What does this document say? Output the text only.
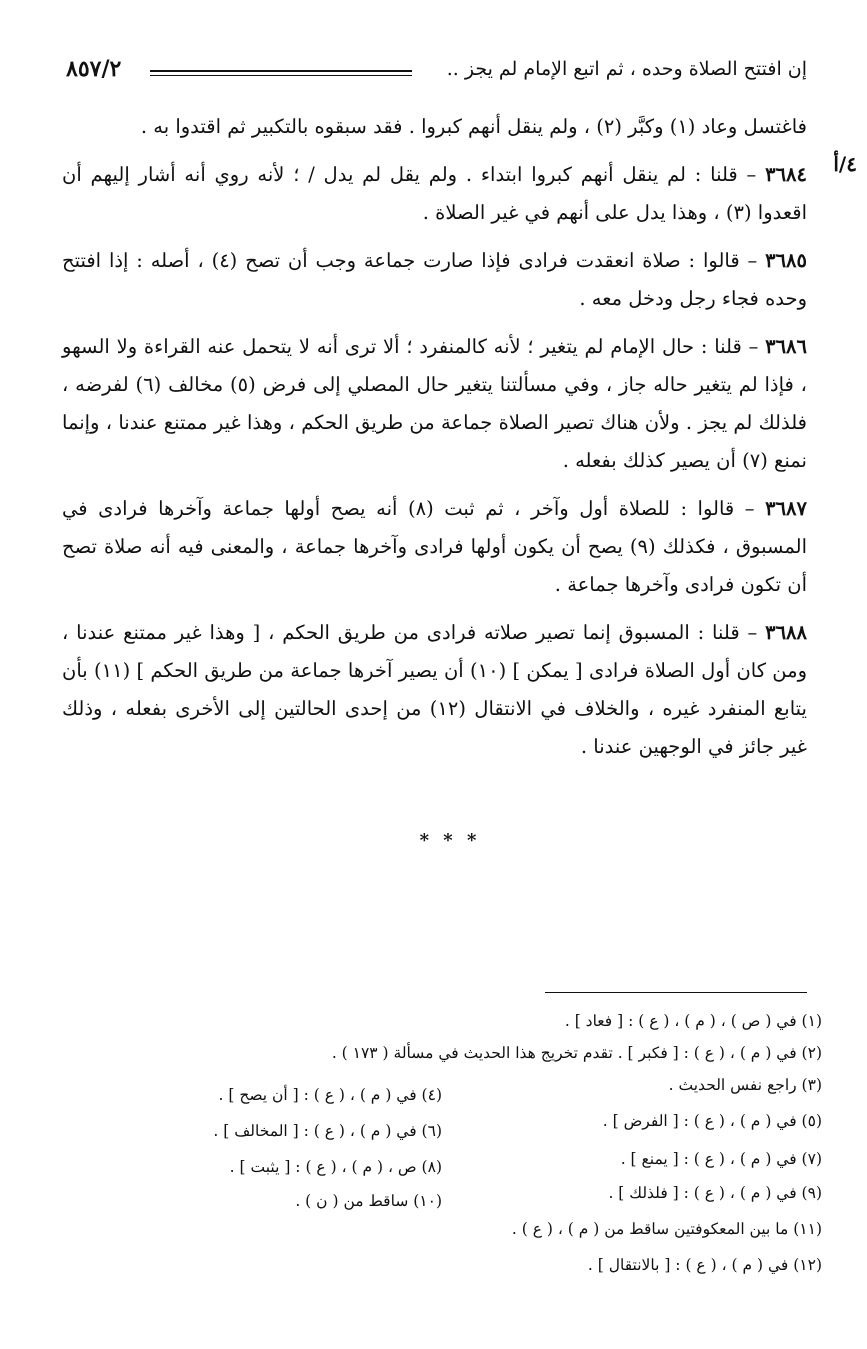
إن افتتح الصلاة وحده ، ثم اتبع الإمام لم يجز ..
٨٥٧/٢
٤/أ

فاغتسل وعاد (١) وكبَّر (٢) ، ولم ينقل أنهم كبروا . فقد سبقوه بالتكبير ثم اقتدوا به .

٣٦٨٤ – قلنا : لم ينقل أنهم كبروا ابتداء . ولم يقل لم يدل / ؛ لأنه روي أنه أشار إليهم أن اقعدوا (٣) ، وهذا يدل على أنهم في غير الصلاة .

٣٦٨٥ – قالوا : صلاة انعقدت فرادى فإذا صارت جماعة وجب أن تصح (٤) ، أصله : إذا افتتح وحده فجاء رجل ودخل معه .

٣٦٨٦ – قلنا : حال الإمام لم يتغير ؛ لأنه كالمنفرد ؛ ألا ترى أنه لا يتحمل عنه القراءة ولا السهو ، فإذا لم يتغير حاله جاز ، وفي مسألتنا يتغير حال المصلي إلى فرض (٥) مخالف (٦) لفرضه ، فلذلك لم يجز . ولأن هناك تصير الصلاة جماعة من طريق الحكم ، وهذا غير ممتنع عندنا ، وإنما نمنع (٧) أن يصير كذلك بفعله .

٣٦٨٧ – قالوا : للصلاة أول وآخر ، ثم ثبت (٨) أنه يصح أولها جماعة وآخرها فرادى في المسبوق ، فكذلك (٩) يصح أن يكون أولها فرادى وآخرها جماعة ، والمعنى فيه أنه صلاة تصح أن تكون فرادى وآخرها جماعة .

٣٦٨٨ – قلنا : المسبوق إنما تصير صلاته فرادى من طريق الحكم ، [ وهذا غير ممتنع عندنا ، ومن كان أول الصلاة فرادى [ يمكن ] (١٠) أن يصير آخرها جماعة من طريق الحكم ] (١١) بأن يتابع المنفرد غيره ، والخلاف في الانتقال (١٢) من إحدى الحالتين إلى الأخرى بفعله ، وذلك غير جائز في الوجهين عندنا .

* * *
(١) في ( ص ) ، ( م ) ، ( ع ) : [ فعاد ] .
(٢) في ( م ) ، ( ع ) : [ فكبر ] . تقدم تخريج هذا الحديث في مسألة ( ١٧٣ ) .
(٣) راجع نفس الحديث .
(٤) في ( م ) ، ( ع ) : [ أن يصح ] .
(٥) في ( م ) ، ( ع ) : [ الفرض ] .
(٦) في ( م ) ، ( ع ) : [ المخالف ] .
(٧) في ( م ) ، ( ع ) : [ يمنع ] .
(٨) ص ، ( م ) ، ( ع ) : [ يثبت ] .
(٩) في ( م ) ، ( ع ) : [ فلذلك ] .
(١٠) ساقط من ( ن ) .
(١١) ما بين المعكوفتين ساقط من ( م ) ، ( ع ) .
(١٢) في ( م ) ، ( ع ) : [ بالانتقال ] .
